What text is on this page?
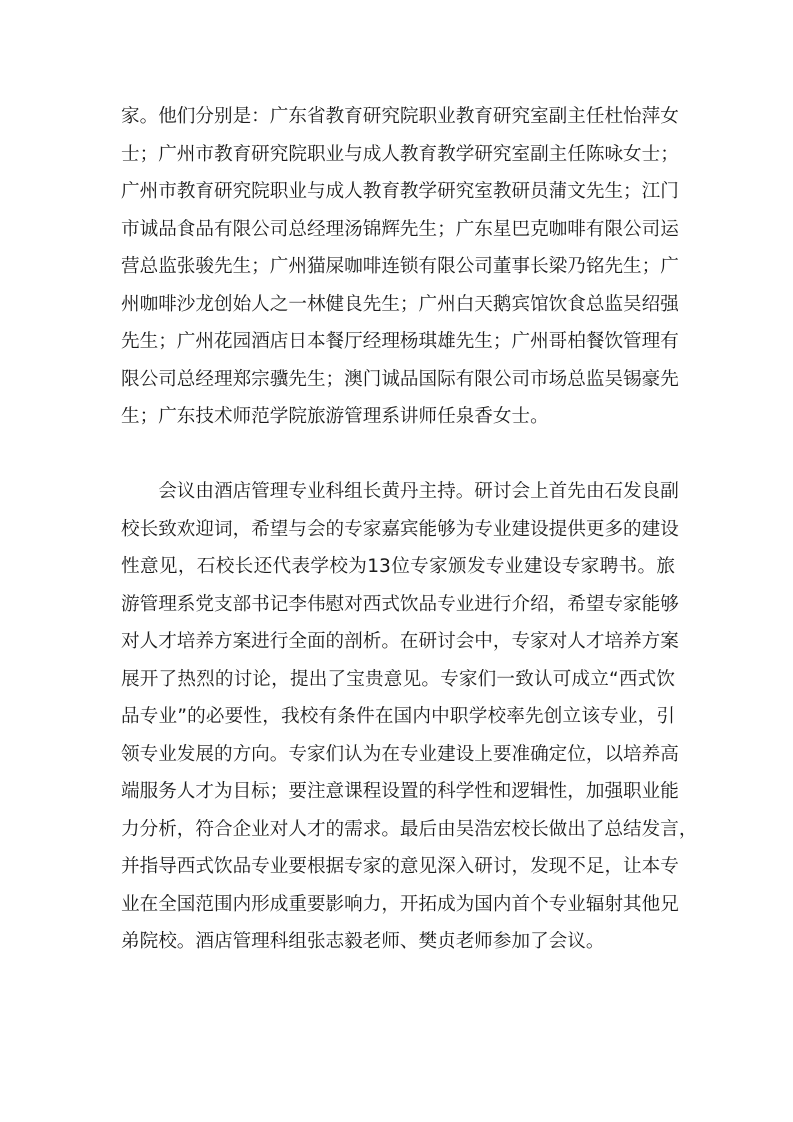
家。他们分别是：广东省教育研究院职业教育研究室副主任杜怡萍女
士；广州市教育研究院职业与成人教育教学研究室副主任陈咏女士；
广州市教育研究院职业与成人教育教学研究室教研员蒲文先生；江门
市诚品食品有限公司总经理汤锦辉先生；广东星巴克咖啡有限公司运
营总监张骏先生；广州猫屎咖啡连锁有限公司董事长梁乃铭先生；广
州咖啡沙龙创始人之一林健良先生；广州白天鹅宾馆饮食总监吴绍强
先生；广州花园酒店日本餐厅经理杨琪雄先生；广州哥柏餐饮管理有
限公司总经理郑宗骥先生；澳门诚品国际有限公司市场总监吴锡豪先
生；广东技术师范学院旅游管理系讲师任泉香女士。
　　会议由酒店管理专业科组长黄丹主持。研讨会上首先由石发良副
校长致欢迎词，希望与会的专家嘉宾能够为专业建设提供更多的建设
性意见，石校长还代表学校为13位专家颁发专业建设专家聘书。旅
游管理系党支部书记李伟慰对西式饮品专业进行介绍，希望专家能够
对人才培养方案进行全面的剖析。在研讨会中，专家对人才培养方案
展开了热烈的讨论，提出了宝贵意见。专家们一致认可成立“西式饮
品专业”的必要性，我校有条件在国内中职学校率先创立该专业，引
领专业发展的方向。专家们认为在专业建设上要准确定位，以培养高
端服务人才为目标；要注意课程设置的科学性和逻辑性，加强职业能
力分析，符合企业对人才的需求。最后由吴浩宏校长做出了总结发言，
并指导西式饮品专业要根据专家的意见深入研讨，发现不足，让本专
业在全国范围内形成重要影响力，开拓成为国内首个专业辐射其他兄
弟院校。酒店管理科组张志毅老师、樊贞老师参加了会议。
